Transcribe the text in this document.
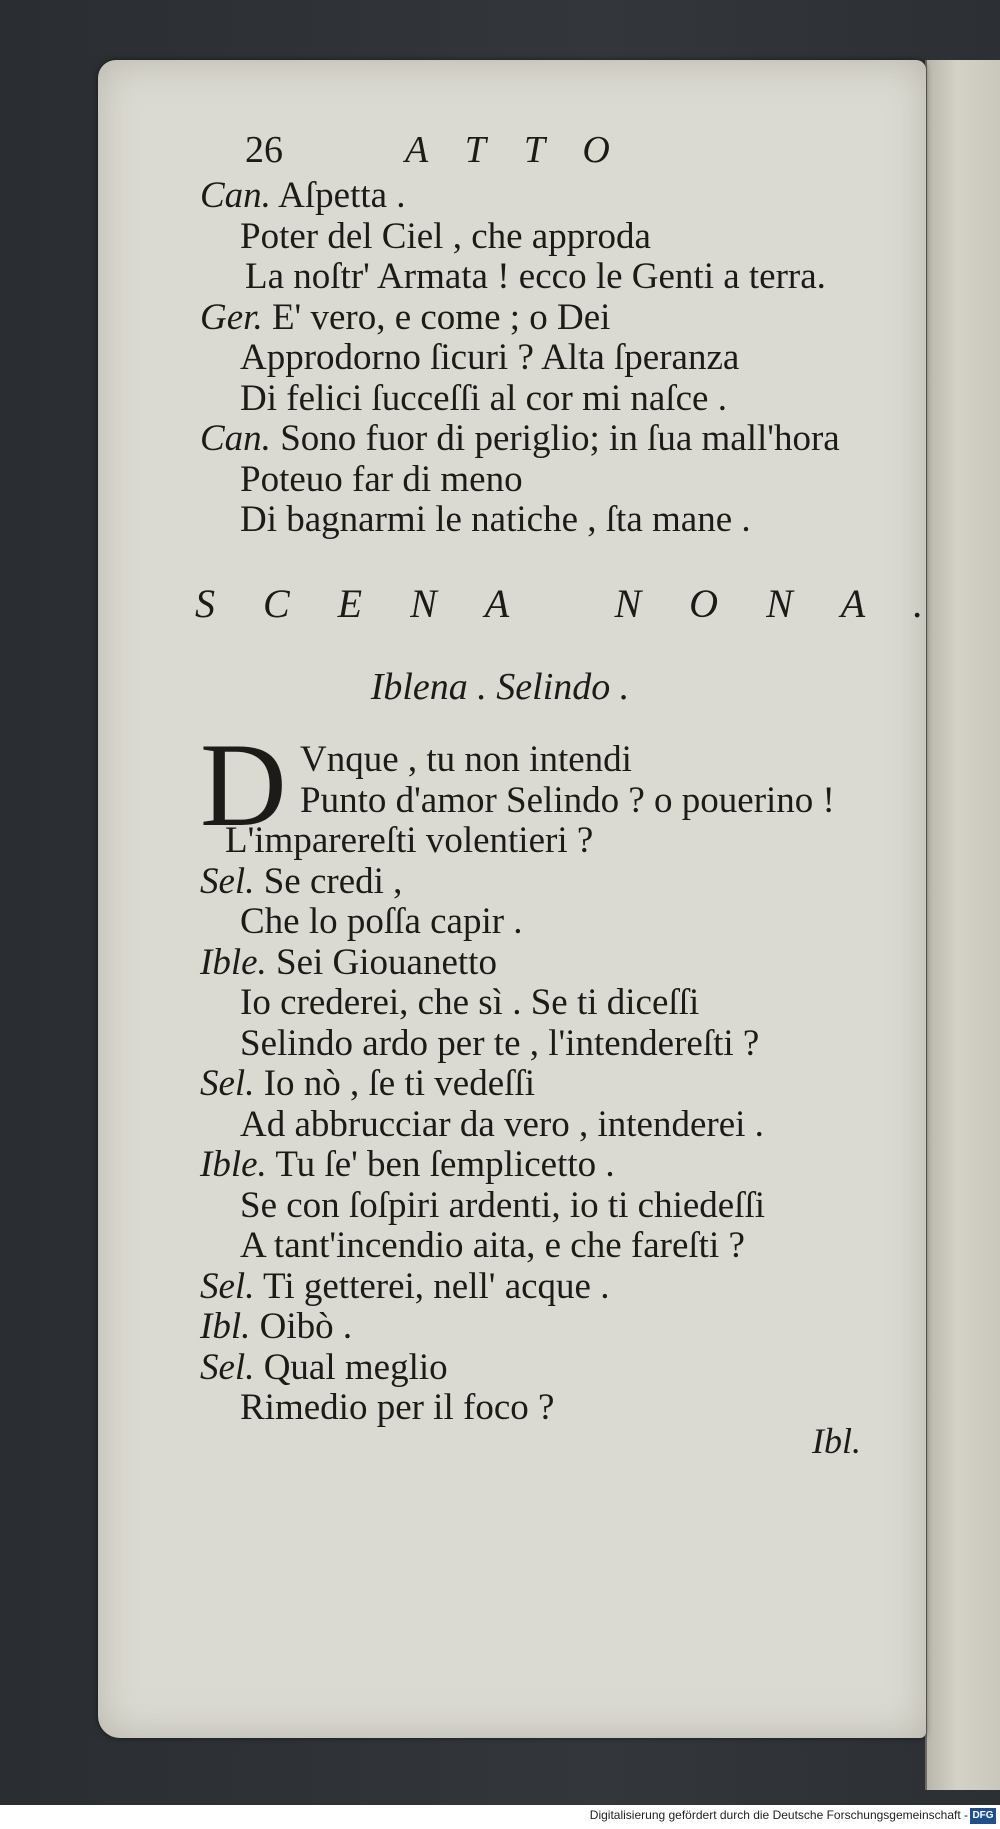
26	ATTO
Can. Aſpetta .
Poter del Ciel , che approda
La noſtr' Armata ! ecco le Genti a terra.
Ger. E' vero, e come ; o Dei
Approdorno ſicuri ? Alta ſperanza
Di felici ſucceſſi al cor mi naſce .
Can. Sono fuor di periglio; in ſua mall'hora
Poteuo far di meno
Di bagnarmi le natiche , ſta mane .
SCENA NONA.
Iblena . Selindo .
D Vnque , tu non intendi
Punto d'amor Selindo ? o pouerino !
L'imparereſti volentieri ?
Sel. Se credi ,
Che lo poſſa capir .
Ible. Sei Giouanetto
Io crederei, che sì . Se ti diceſſi
Selindo ardo per te , l'intendereſti ?
Sel. Io nò , ſe ti vedeſſi
Ad abbrucciar da vero , intenderei .
Ible. Tu ſe' ben ſemplicetto .
Se con ſoſpiri ardenti, io ti chiedeſſi
A tant'incendio aita, e che fareſti ?
Sel. Ti getterei, nell' acque .
Ibl. Oibò .
Sel. Qual meglio
Rimedio per il foco ?
Ibl.
Digitalisierung gefördert durch die Deutsche Forschungsgemeinschaft - DFG
